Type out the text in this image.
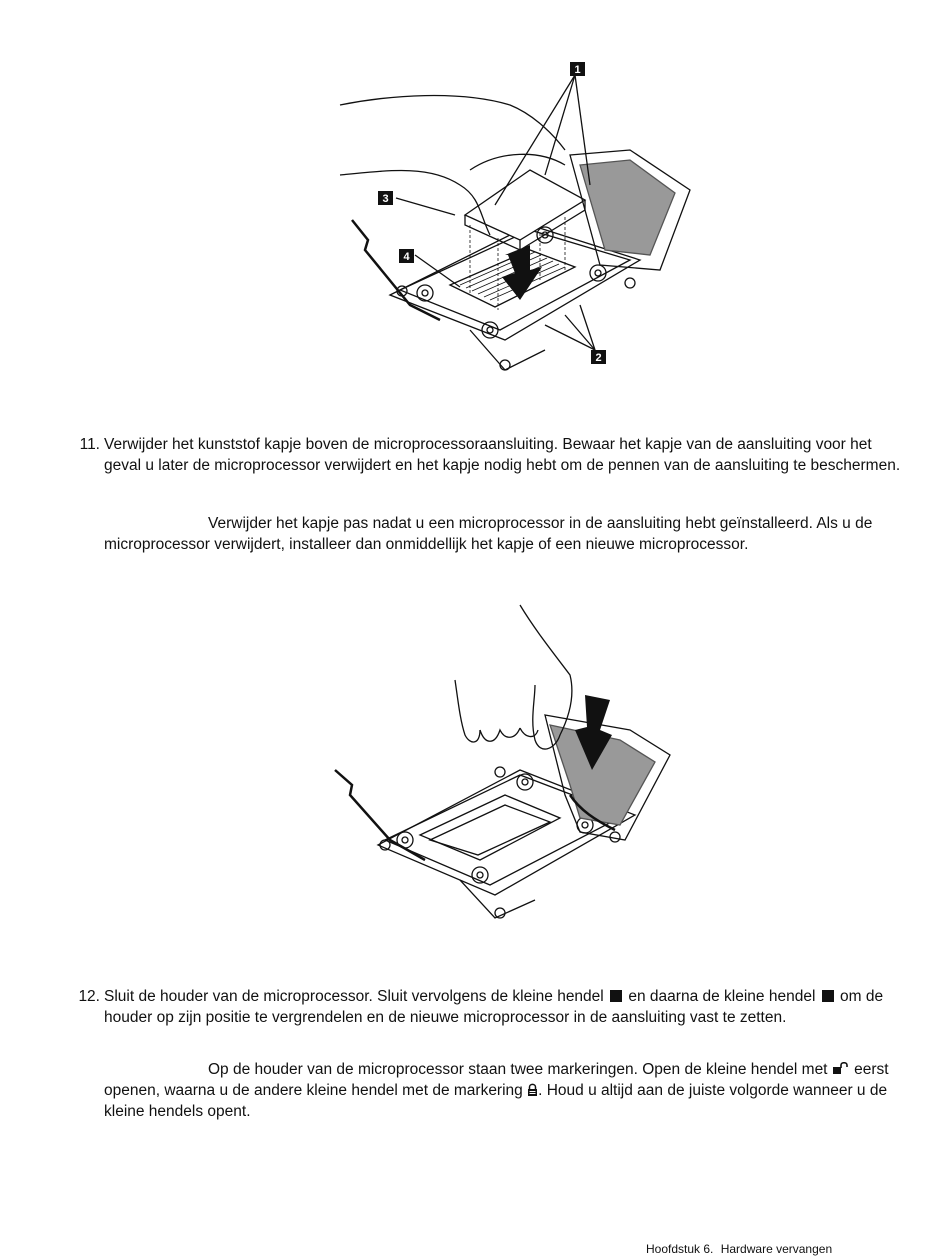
1
2
3
4
11. Verwijder het kunststof kapje boven de microprocessoraansluiting. Bewaar het kapje van de aansluiting voor het geval u later de microprocessor verwijdert en het kapje nodig hebt om de pennen van de aansluiting te beschermen.
Verwijder het kapje pas nadat u een microprocessor in de aansluiting hebt geïnstalleerd. Als u de microprocessor verwijdert, installeer dan onmiddellijk het kapje of een nieuwe microprocessor.
12. Sluit de houder van de microprocessor. Sluit vervolgens de kleine hendel en daarna de kleine hendel om de houder op zijn positie te vergrendelen en de nieuwe microprocessor in de aansluiting vast te zetten.
Op de houder van de microprocessor staan twee markeringen. Open de kleine hendel met eerst openen, waarna u de andere kleine hendel met de markering . Houd u altijd aan de juiste volgorde wanneer u de kleine hendels opent.
Hoofdstuk 6. Hardware vervangen
